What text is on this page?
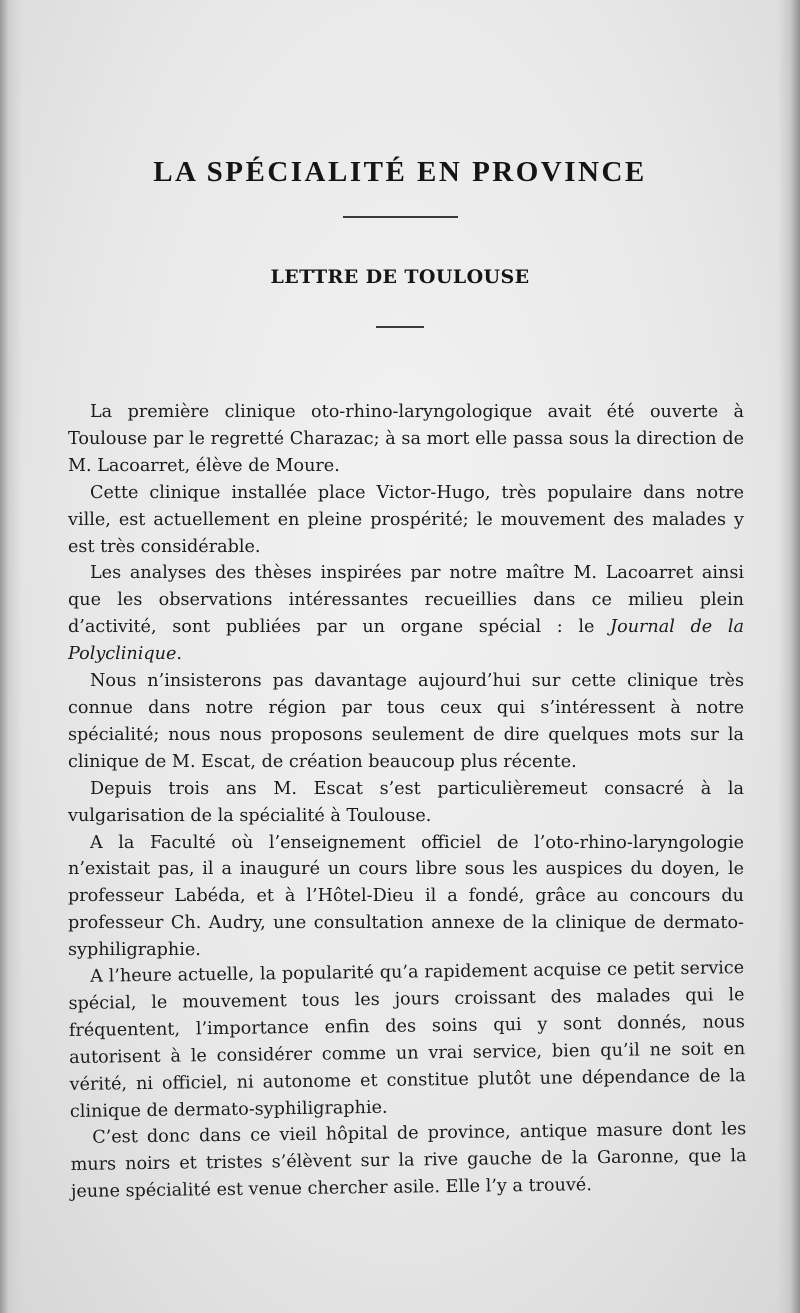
LA SPÉCIALITÉ EN PROVINCE
LETTRE DE TOULOUSE

La première clinique oto-rhino-laryngologique avait été ouverte à Toulouse par le regretté Charazac; à sa mort elle passa sous la direction de M. Lacoarret, élève de Moure.

Cette clinique installée place Victor-Hugo, très populaire dans notre ville, est actuellement en pleine prospérité; le mouvement des malades y est très considérable.

Les analyses des thèses inspirées par notre maître M. Lacoarret ainsi que les observations intéressantes recueillies dans ce milieu plein d’activité, sont publiées par un organe spécial : le Journal de la Polyclinique.

Nous n’insisterons pas davantage aujourd’hui sur cette clinique très connue dans notre région par tous ceux qui s’intéressent à notre spécialité; nous nous proposons seulement de dire quelques mots sur la clinique de M. Escat, de création beaucoup plus récente.

Depuis trois ans M. Escat s’est particulièremeut consacré à la vulgarisation de la spécialité à Toulouse.

A la Faculté où l’enseignement officiel de l’oto-rhino-laryngologie n’existait pas, il a inauguré un cours libre sous les auspices du doyen, le professeur Labéda, et à l’Hôtel-Dieu il a fondé, grâce au concours du professeur Ch. Audry, une consultation annexe de la clinique de dermato-syphiligraphie.

A l’heure actuelle, la popularité qu’a rapidement acquise ce petit service spécial, le mouvement tous les jours croissant des malades qui le fréquentent, l’importance enfin des soins qui y sont donnés, nous autorisent à le considérer comme un vrai service, bien qu’il ne soit en vérité, ni officiel, ni autonome et constitue plutôt une dépendance de la clinique de dermato-syphiligraphie.

C’est donc dans ce vieil hôpital de province, antique masure dont les murs noirs et tristes s’élèvent sur la rive gauche de la Garonne, que la jeune spécialité est venue chercher asile. Elle l’y a trouvé.
